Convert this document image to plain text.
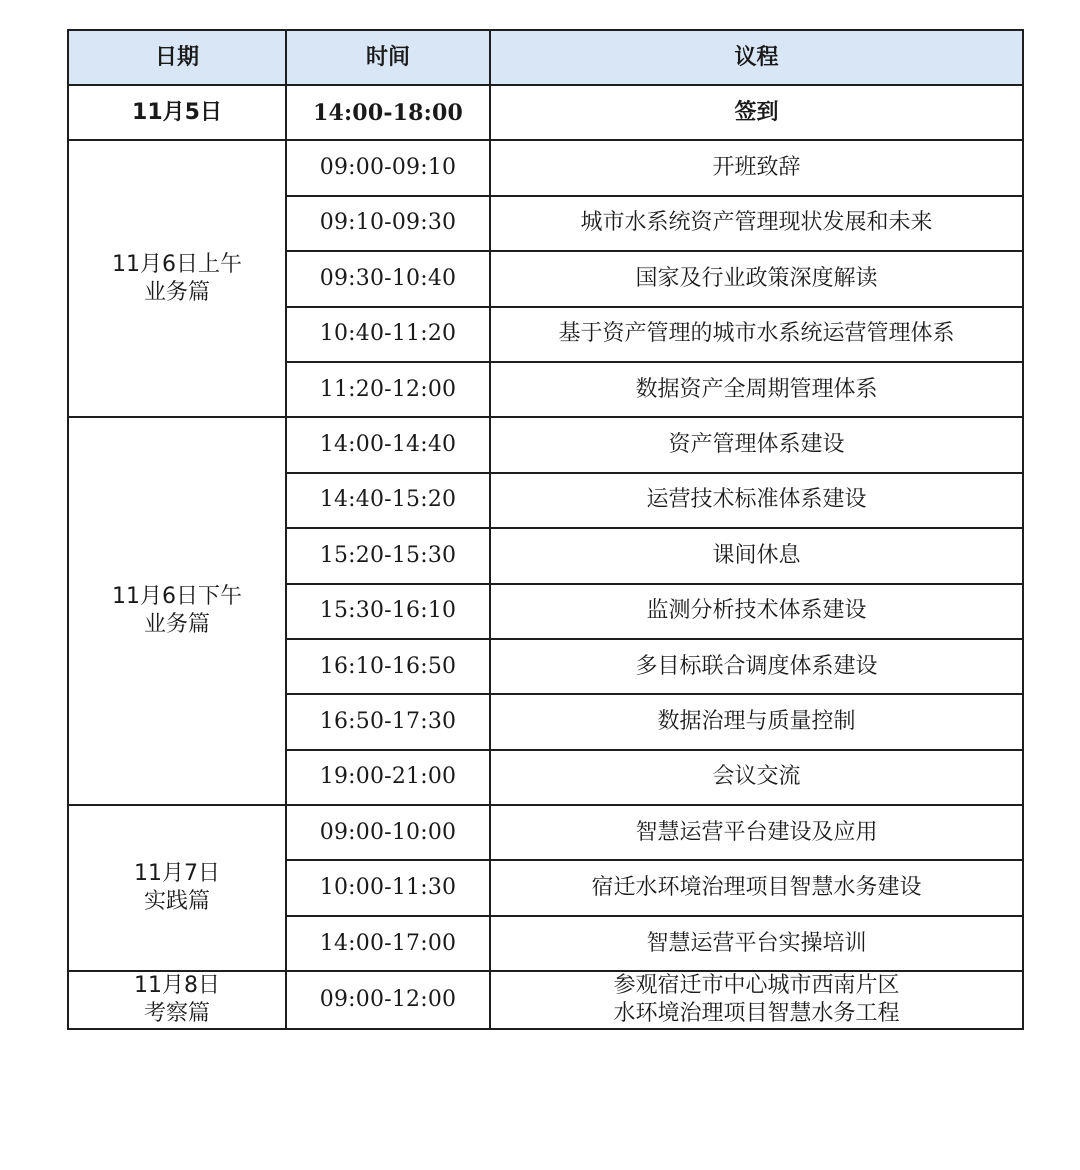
日期	时间	议程

11月5日	14:00-18:00	签到

11月6日上午
业务篇	09:00-09:10	开班致辞
	09:10-09:30	城市水系统资产管理现状发展和未来
	09:30-10:40	国家及行业政策深度解读
	10:40-11:20	基于资产管理的城市水系统运营管理体系
	11:20-12:00	数据资产全周期管理体系

11月6日下午
业务篇	14:00-14:40	资产管理体系建设
	14:40-15:20	运营技术标准体系建设
	15:20-15:30	课间休息
	15:30-16:10	监测分析技术体系建设
	16:10-16:50	多目标联合调度体系建设
	16:50-17:30	数据治理与质量控制
	19:00-21:00	会议交流

11月7日
实践篇	09:00-10:00	智慧运营平台建设及应用
	10:00-11:30	宿迁水环境治理项目智慧水务建设
	14:00-17:00	智慧运营平台实操培训

11月8日
考察篇	09:00-12:00	参观宿迁市中心城市西南片区
水环境治理项目智慧水务工程
